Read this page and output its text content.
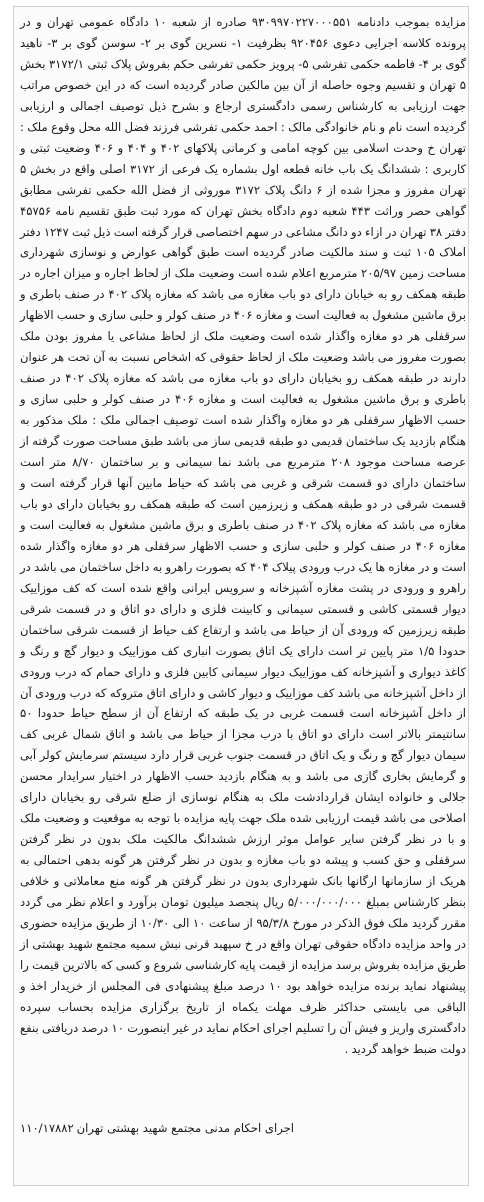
مزایده بموجب دادنامه ۹۳۰۹۹۷۰۲۲۷۰۰۰۵۵۱ صادره از شعبه ۱۰ دادگاه عمومی تهران و در پرونده کلاسه اجرایی دعوی ۹۲۰۴۵۶ بظرفیت ۱- نسرین گوی بر ۲- سوسن گوی بر ۳- ناهید گوی بر ۴- فاطمه حکمی تفرشی ۵- پرویز حکمی تفرشی حکم بفروش پلاک ثبتی ۳۱۷۲/۱ بخش ۵ تهران و تقسیم وجوه حاصله از آن بین مالکین صادر گردیده است که در این خصوص مراتب جهت ارزیابی به کارشناس رسمی دادگستری ارجاع و بشرح ذیل توصیف اجمالی و ارزیابی گردیده است نام و نام خانوادگی مالک : احمد حکمی تفرشی فرزند فضل الله محل وقوع ملک : تهران خ وحدت اسلامی بین کوچه امامی و کرمانی پلاکهای ۴۰۲ و ۴۰۴ و ۴۰۶ وضعیت ثبتی و کاربری : ششدانگ یک باب خانه قطعه اول بشماره یک فرعی از ۳۱۷۲ اصلی واقع در بخش ۵ تهران مفروز و مجزا شده از ۶ دانگ پلاک ۳۱۷۲ موروثی از فضل الله حکمی تفرشی مطابق گواهی حصر وراثت ۴۴۳ شعبه دوم دادگاه بخش تهران که مورد ثبت طبق تقسیم نامه ۴۵۷۵۶ دفتر ۳۸ تهران در ازاء دو دانگ مشاعی در سهم اختصاصی قرار گرفته است ذیل ثبت ۱۲۴۷ دفتر املاک ۱۰۵ ثبت و سند مالکیت صادر گردیده است طبق گواهی عوارض و نوسازی شهرداری مساحت زمین ۲۰۵/۹۷ مترمربع اعلام شده است وضعیت ملک از لحاظ اجاره و میزان اجاره در طبقه همکف رو به خیابان دارای دو باب مغازه می باشد که مغازه پلاک ۴۰۲ در صنف باطری و برق ماشین مشغول به فعالیت است و مغازه ۴۰۶ در صنف کولر و حلبی سازی و حسب الاظهار سرقفلی هر دو مغازه واگذار شده است وضعیت ملک از لحاظ مشاعی یا مفروز بودن ملک بصورت مفروز می باشد وضعیت ملک از لحاظ حقوقی که اشخاص نسبت به آن تحت هر عنوان دارند در طبقه همکف رو بخیابان دارای دو باب مغازه می باشد که مغازه پلاک ۴۰۲ در صنف باطری و برق ماشین مشغول به فعالیت است و مغازه ۴۰۶ در صنف کولر و حلبی سازی و حسب الاظهار سرقفلی هر دو مغازه واگذار شده است توصیف اجمالی ملک : ملک مذکور به هنگام بازدید یک ساختمان قدیمی دو طبقه قدیمی ساز می باشد طبق مساحت صورت گرفته از عرصه مساحت موجود ۲۰۸ مترمربع می باشد نما سیمانی و بر ساختمان ۸/۷۰ متر است ساختمان دارای دو قسمت شرقی و غربی می باشد که حیاط مابین آنها قرار گرفته است و قسمت شرقی در دو طبقه همکف و زیرزمین است که طبقه همکف رو بخیابان دارای دو باب مغازه می باشد که مغازه پلاک ۴۰۲ در صنف باطری و برق ماشین مشغول به فعالیت است و مغازه ۴۰۶ در صنف کولر و حلبی سازی و حسب الاظهار سرقفلی هر دو مغازه واگذار شده است و در مغازه ها یک درب ورودی پیلاک ۴۰۴ که بصورت راهرو به داخل ساختمان می باشد در راهرو و ورودی در پشت مغازه آشپزخانه و سرویس ایرانی واقع شده است که کف موزاییک دیوار قسمتی کاشی و قسمتی سیمانی و کابینت فلزی و دارای دو اتاق و در قسمت شرقی طبقه زیرزمین که ورودی آن از حیاط می باشد و ارتفاع کف حیاط از قسمت شرقی ساختمان حدودا ۱/۵ متر پایین تر است دارای یک اتاق بصورت انباری کف موزاییک و دیوار گچ و رنگ و کاغذ دیواری و آشپزخانه کف موزاییک دیوار سیمانی کابین فلزی و دارای حمام که درب ورودی از داخل آشپزخانه می باشد کف موزاییک و دیوار کاشی و دارای اتاق متروکه که درب ورودی آن از داخل آشپزخانه است قسمت غربی در یک طبقه که ارتفاع آن از سطح حیاط حدودا ۵۰ سانتیمتر بالاتر است دارای دو اتاق با درب مجزا از حیاط می باشد و اتاق شمال غربی کف سیمان دیوار گچ و رنگ و یک اتاق در قسمت جنوب غربی قرار دارد سیستم سرمایش کولر آبی و گرمایش بخاری گازی می باشد و به هنگام بازدید حسب الاظهار در اختیار سرایدار محسن جلالی و خانواده ایشان قراردادشت ملک به هنگام نوسازی از ضلع شرقی رو بخیابان دارای اصلاحی می باشد قیمت ارزیابی شده ملک جهت پایه مزایده با توجه به موقعیت و وضعیت ملک و با در نظر گرفتن سایر عوامل موثر ارزش ششدانگ مالکیت ملک بدون در نظر گرفتن سرقفلی و حق کسب و پیشه دو باب مغازه و بدون در نظر گرفتن هر گونه بدهی احتمالی به هریک از سازمانها ارگانها بانک شهرداری بدون در نظر گرفتن هر گونه منع معاملاتی و خلافی بنظر کارشناس بمبلغ ۵/۰۰۰/۰۰۰/۰۰۰ ریال پنجصد میلیون تومان برآورد و اعلام نظر می گردد مقرر گردید ملک فوق الذکر در مورخ ۹۵/۳/۸ از ساعت ۱۰ الی ۱۰/۳۰ از طریق مزایده حضوری در واحد مزایده دادگاه حقوقی تهران واقع در خ سپهبد قرنی نبش سمیه مجتمع شهید بهشتی از طریق مزایده بفروش برسد مزایده از قیمت پایه کارشناسی شروع و کسی که بالاترین قیمت را پیشنهاد نماید برنده مزایده خواهد بود ۱۰ درصد مبلغ پیشنهادی فی المجلس از خریدار اخذ و الباقی می بایستی حداکثر ظرف مهلت یکماه از تاریخ برگزاری مزایده بحساب سپرده دادگستری واریز و فیش آن را تسلیم اجرای احکام نماید در غیر اینصورت ۱۰ درصد دریافتی بنفع دولت ضبط خواهد گردید .

اجرای احکام مدنی مجتمع شهید بهشتی تهران
۱۱۰/۱۷۸۸۲
